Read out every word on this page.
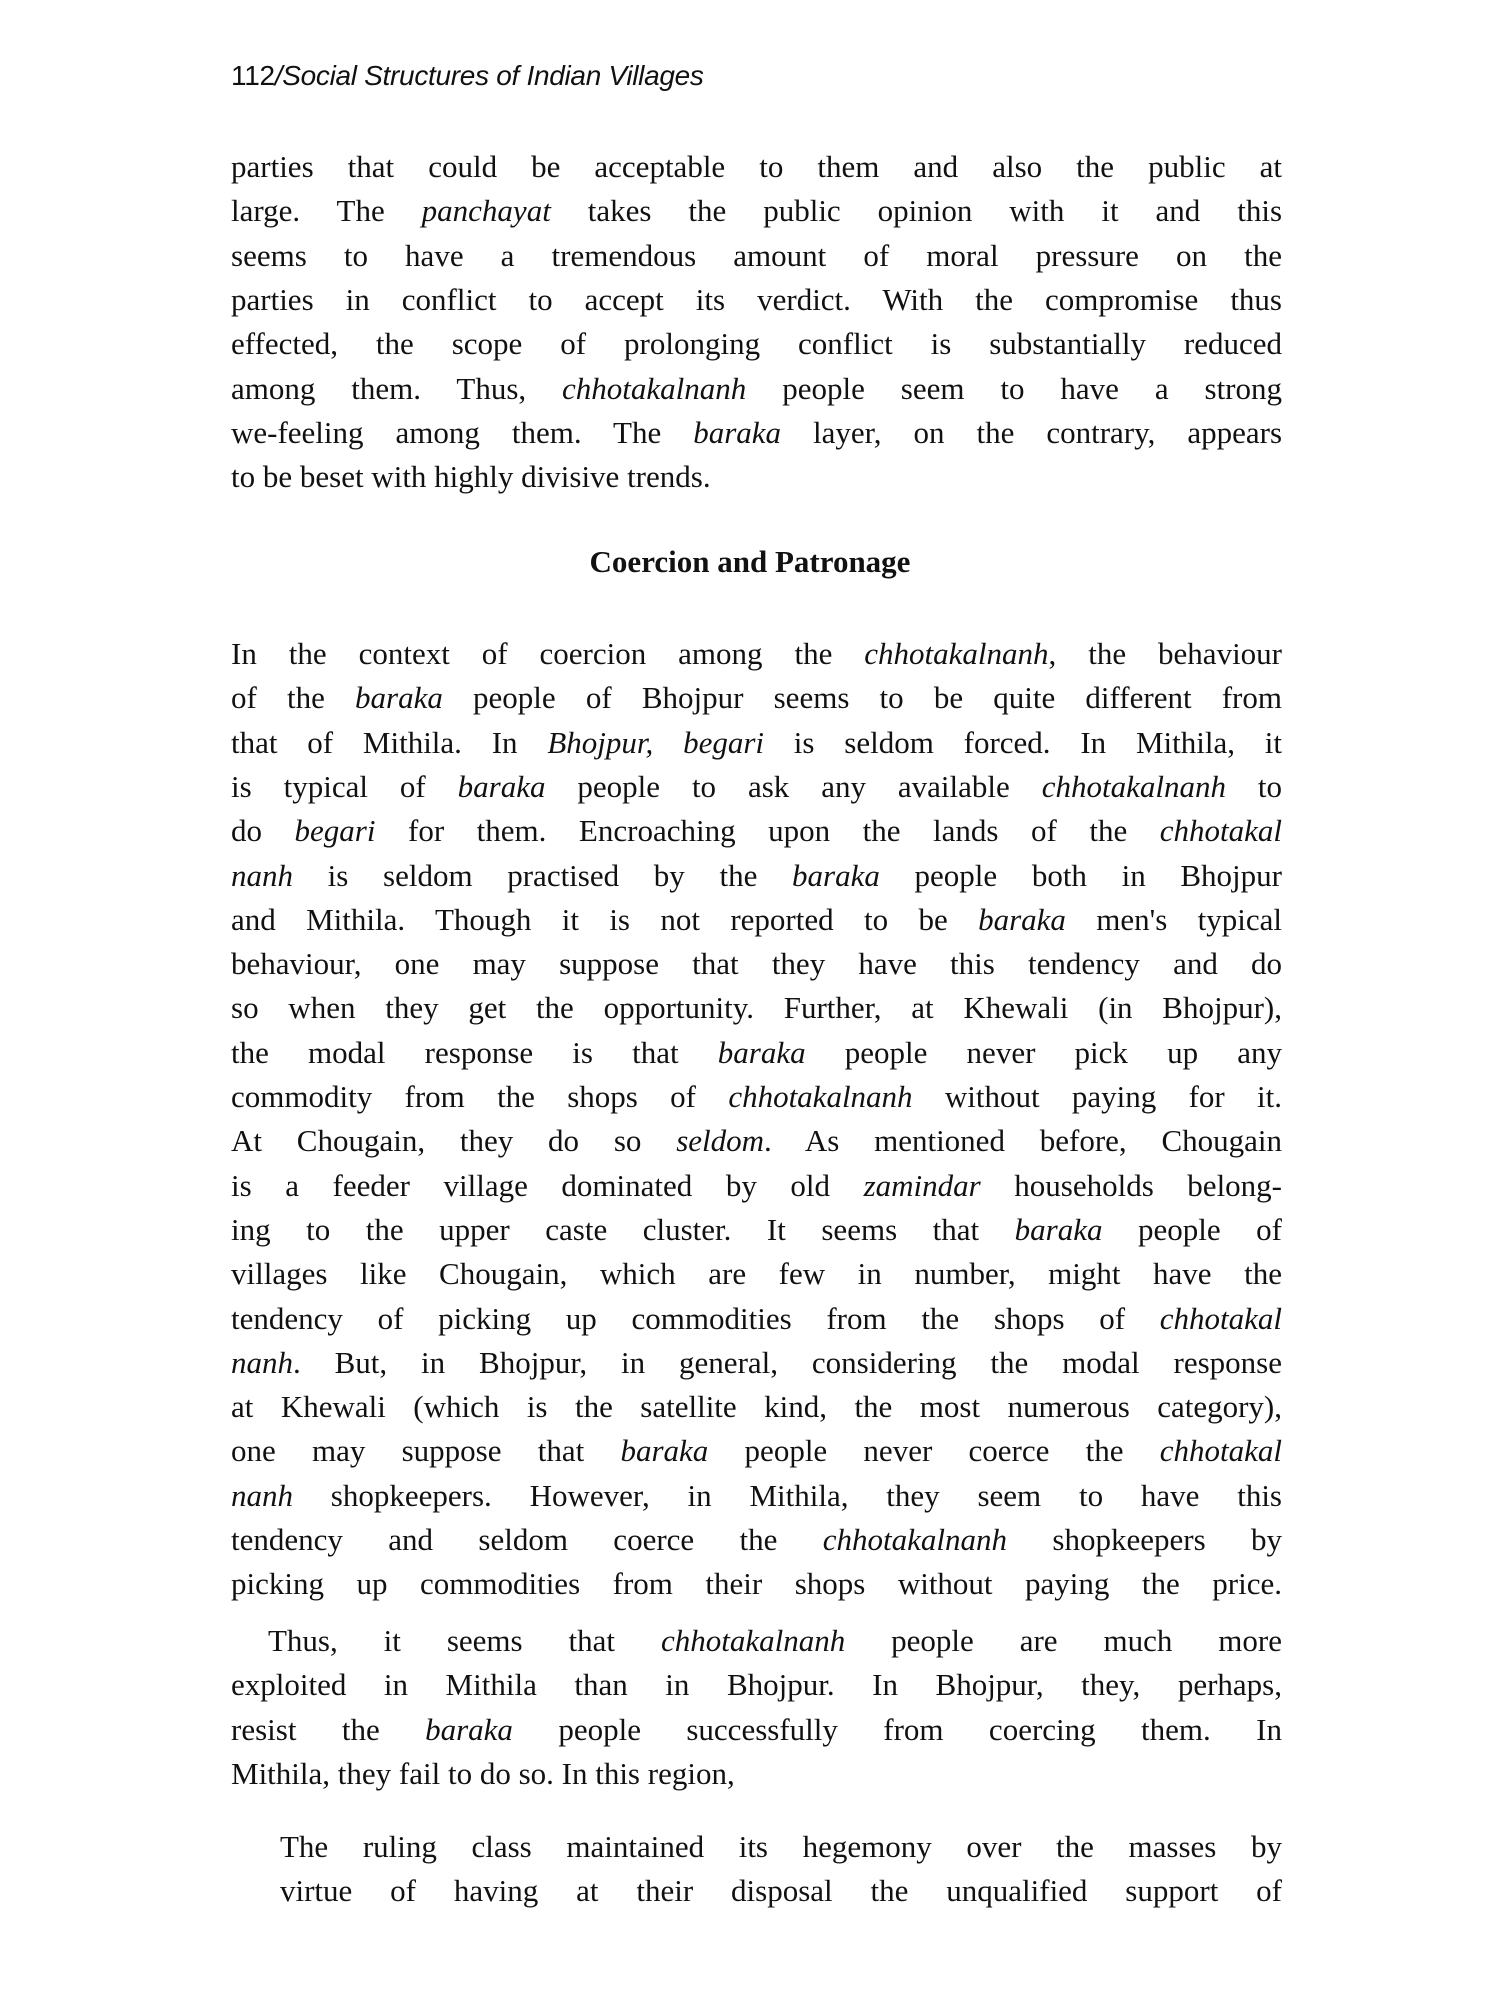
112/Social Structures of Indian Villages
Coercion and Patronage
parties that could be acceptable to them and also the public at
large. The panchayat takes the public opinion with it and this
seems to have a tremendous amount of moral pressure on the
parties in conflict to accept its verdict. With the compromise thus
effected, the scope of prolonging conflict is substantially reduced
among them. Thus, chhotakalnanh people seem to have a strong
we-feeling among them. The baraka layer, on the contrary, appears
to be beset with highly divisive trends.
In the context of coercion among the chhotakalnanh, the behaviour
of the baraka people of Bhojpur seems to be quite different from
that of Mithila. In Bhojpur, begari is seldom forced. In Mithila, it
is typical of baraka people to ask any available chhotakalnanh to
do begari for them. Encroaching upon the lands of the chhotakal
nanh is seldom practised by the baraka people both in Bhojpur
and Mithila. Though it is not reported to be baraka men's typical
behaviour, one may suppose that they have this tendency and do
so when they get the opportunity. Further, at Khewali (in Bhojpur),
the modal response is that baraka people never pick up any
commodity from the shops of chhotakalnanh without paying for it.
At Chougain, they do so seldom. As mentioned before, Chougain
is a feeder village dominated by old zamindar households belong-
ing to the upper caste cluster. It seems that baraka people of
villages like Chougain, which are few in number, might have the
tendency of picking up commodities from the shops of chhotakal
nanh. But, in Bhojpur, in general, considering the modal response
at Khewali (which is the satellite kind, the most numerous category),
one may suppose that baraka people never coerce the chhotakal
nanh shopkeepers. However, in Mithila, they seem to have this
tendency and seldom coerce the chhotakalnanh shopkeepers by
picking up commodities from their shops without paying the price.
Thus, it seems that chhotakalnanh people are much more
exploited in Mithila than in Bhojpur. In Bhojpur, they, perhaps,
resist the baraka people successfully from coercing them. In
Mithila, they fail to do so. In this region,
The ruling class maintained its hegemony over the masses by
virtue of having at their disposal the unqualified support of
